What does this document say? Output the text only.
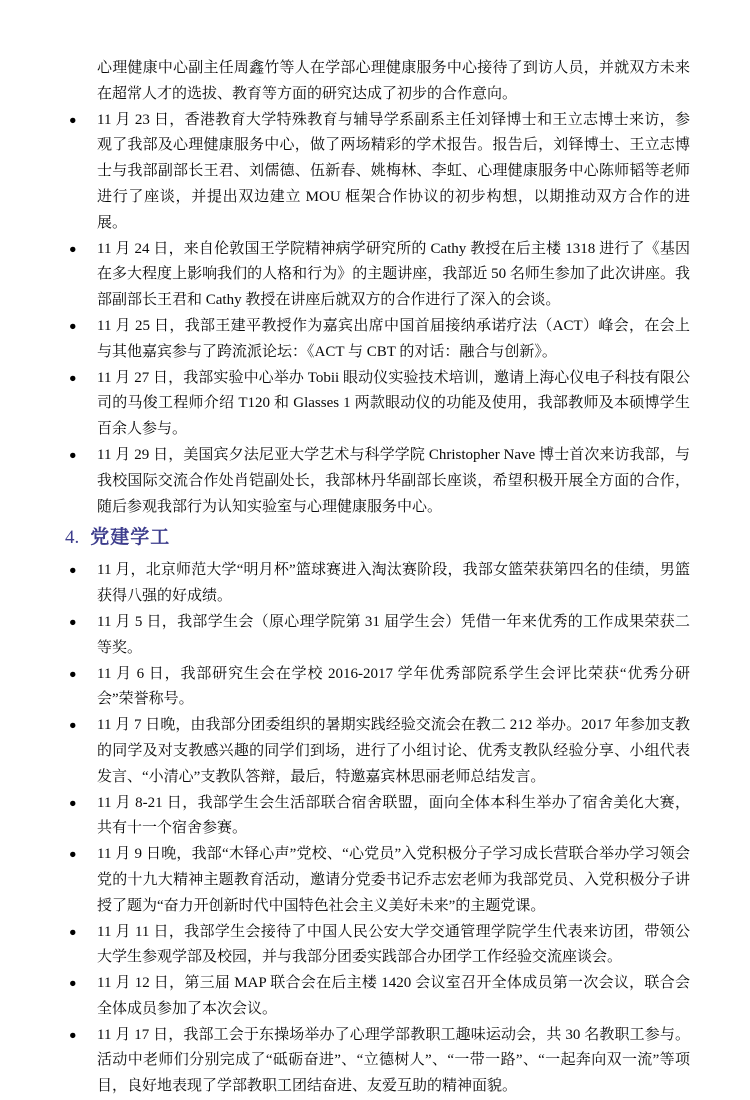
心理健康中心副主任周鑫竹等人在学部心理健康服务中心接待了到访人员，并就双方未来在超常人才的选拔、教育等方面的研究达成了初步的合作意向。

● 11 月 23 日，香港教育大学特殊教育与辅导学系副系主任刘铎博士和王立志博士来访，参观了我部及心理健康服务中心，做了两场精彩的学术报告。报告后，刘铎博士、王立志博士与我部副部长王君、刘儒德、伍新春、姚梅林、李虹、心理健康服务中心陈师韬等老师进行了座谈，并提出双边建立 MOU 框架合作协议的初步构想，以期推动双方合作的进展。
● 11 月 24 日，来自伦敦国王学院精神病学研究所的 Cathy 教授在后主楼 1318 进行了《基因在多大程度上影响我们的人格和行为》的主题讲座，我部近 50 名师生参加了此次讲座。我部副部长王君和 Cathy 教授在讲座后就双方的合作进行了深入的会谈。
● 11 月 25 日，我部王建平教授作为嘉宾出席中国首届接纳承诺疗法（ACT）峰会，在会上与其他嘉宾参与了跨流派论坛：《ACT 与 CBT 的对话：融合与创新》。
● 11 月 27 日，我部实验中心举办 Tobii 眼动仪实验技术培训，邀请上海心仪电子科技有限公司的马俊工程师介绍 T120 和 Glasses 1 两款眼动仪的功能及使用，我部教师及本硕博学生百余人参与。
● 11 月 29 日，美国宾夕法尼亚大学艺术与科学学院 Christopher Nave 博士首次来访我部，与我校国际交流合作处肖铠副处长，我部林丹华副部长座谈，希望积极开展全方面的合作，随后参观我部行为认知实验室与心理健康服务中心。
4. 党建学工
● 11 月，北京师范大学“明月杯”篮球赛进入淘汰赛阶段，我部女篮荣获第四名的佳绩，男篮获得八强的好成绩。
● 11 月 5 日，我部学生会（原心理学院第 31 届学生会）凭借一年来优秀的工作成果荣获二等奖。
● 11 月 6 日，我部研究生会在学校 2016-2017 学年优秀部院系学生会评比荣获“优秀分研会”荣誉称号。
● 11 月 7 日晚，由我部分团委组织的暑期实践经验交流会在教二 212 举办。2017 年参加支教的同学及对支教感兴趣的同学们到场，进行了小组讨论、优秀支教队经验分享、小组代表发言、“小清心”支教队答辩，最后，特邀嘉宾林思丽老师总结发言。
● 11 月 8-21 日，我部学生会生活部联合宿舍联盟，面向全体本科生举办了宿舍美化大赛，共有十一个宿舍参赛。
● 11 月 9 日晚，我部“木铎心声”党校、“心党员”入党积极分子学习成长营联合举办学习领会党的十九大精神主题教育活动，邀请分党委书记乔志宏老师为我部党员、入党积极分子讲授了题为“奋力开创新时代中国特色社会主义美好未来”的主题党课。
● 11 月 11 日，我部学生会接待了中国人民公安大学交通管理学院学生代表来访团，带领公大学生参观学部及校园，并与我部分团委实践部合办团学工作经验交流座谈会。
● 11 月 12 日，第三届 MAP 联合会在后主楼 1420 会议室召开全体成员第一次会议，联合会全体成员参加了本次会议。
● 11 月 17 日，我部工会于东操场举办了心理学部教职工趣味运动会，共 30 名教职工参与。活动中老师们分别完成了“砥砺奋进”、“立德树人”、“一带一路”、“一起奔向双一流”等项目，良好地表现了学部教职工团结奋进、友爱互助的精神面貌。
